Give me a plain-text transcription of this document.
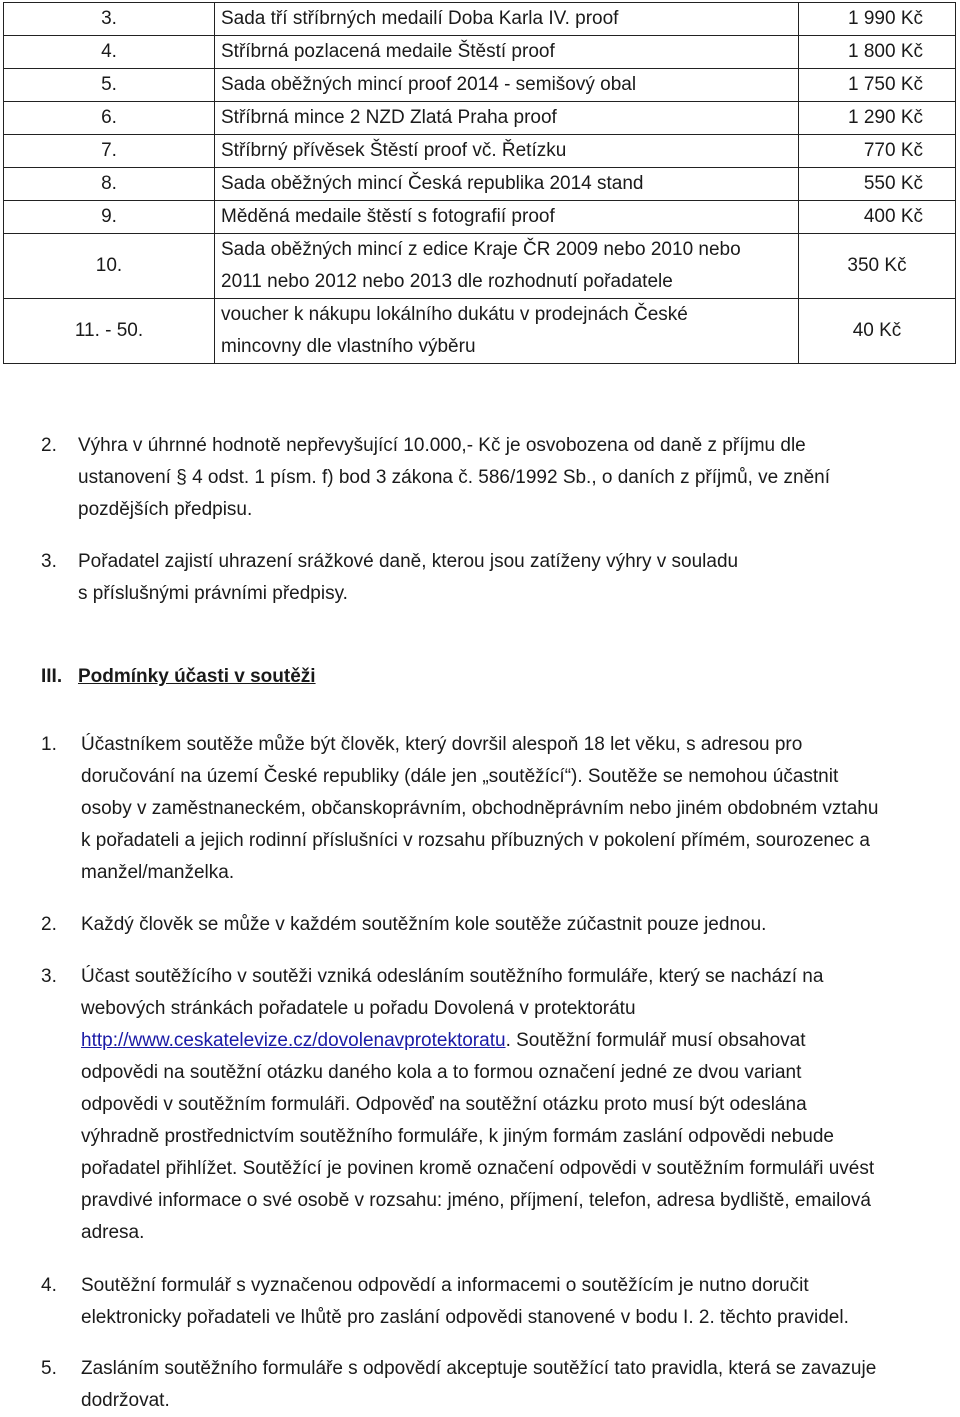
3.	Sada tří stříbrných medailí Doba Karla IV. proof	1 990 Kč
4.	Stříbrná pozlacená medaile Štěstí proof	1 800 Kč
5.	Sada oběžných mincí proof 2014 - semišový obal	1 750 Kč
6.	Stříbrná mince 2 NZD Zlatá Praha proof	1 290 Kč
7.	Stříbrný přívěsek Štěstí proof vč. Řetízku	770 Kč
8.	Sada oběžných mincí Česká republika 2014 stand	550 Kč
9.	Měděná medaile štěstí s fotografií proof	400 Kč
10.	Sada oběžných mincí z edice Kraje ČR 2009 nebo 2010 nebo
2011 nebo 2012 nebo 2013 dle rozhodnutí pořadatele	350 Kč
11. - 50.	voucher k nákupu lokálního dukátu v prodejnách České
mincovny dle vlastního výběru	40 Kč
2. Výhra v úhrnné hodnotě nepřevyšující 10.000,- Kč je osvobozena od daně z příjmu dle
ustanovení § 4 odst. 1 písm. f) bod 3 zákona č. 586/1992 Sb., o daních z příjmů, ve znění
pozdějších předpisu.
3. Pořadatel zajistí uhrazení srážkové daně, kterou jsou zatíženy výhry v souladu
s příslušnými právními předpisy.
III. Podmínky účasti v soutěži
1. Účastníkem soutěže může být člověk, který dovršil alespoň 18 let věku, s adresou pro
doručování na území České republiky (dále jen „soutěžící“). Soutěže se nemohou účastnit
osoby v zaměstnaneckém, občanskoprávním, obchodněprávním nebo jiném obdobném vztahu
k pořadateli a jejich rodinní příslušníci v rozsahu příbuzných v pokolení přímém, sourozenec a
manžel/manželka.
2. Každý člověk se může v každém soutěžním kole soutěže zúčastnit pouze jednou.
3. Účast soutěžícího v soutěži vzniká odesláním soutěžního formuláře, který se nachází na
webových stránkách pořadatele u pořadu Dovolená v protektorátu
http://www.ceskatelevize.cz/dovolenavprotektoratu. Soutěžní formulář musí obsahovat
odpovědi na soutěžní otázku daného kola a to formou označení jedné ze dvou variant
odpovědi v soutěžním formuláři. Odpověď na soutěžní otázku proto musí být odeslána
výhradně prostřednictvím soutěžního formuláře, k jiným formám zaslání odpovědi nebude
pořadatel přihlížet. Soutěžící je povinen kromě označení odpovědi v soutěžním formuláři uvést
pravdivé informace o své osobě v rozsahu: jméno, příjmení, telefon, adresa bydliště, emailová
adresa.
4. Soutěžní formulář s vyznačenou odpovědí a informacemi o soutěžícím je nutno doručit
elektronicky pořadateli ve lhůtě pro zaslání odpovědi stanovené v bodu I. 2. těchto pravidel.
5. Zasláním soutěžního formuláře s odpovědí akceptuje soutěžící tato pravidla, která se zavazuje
dodržovat.
